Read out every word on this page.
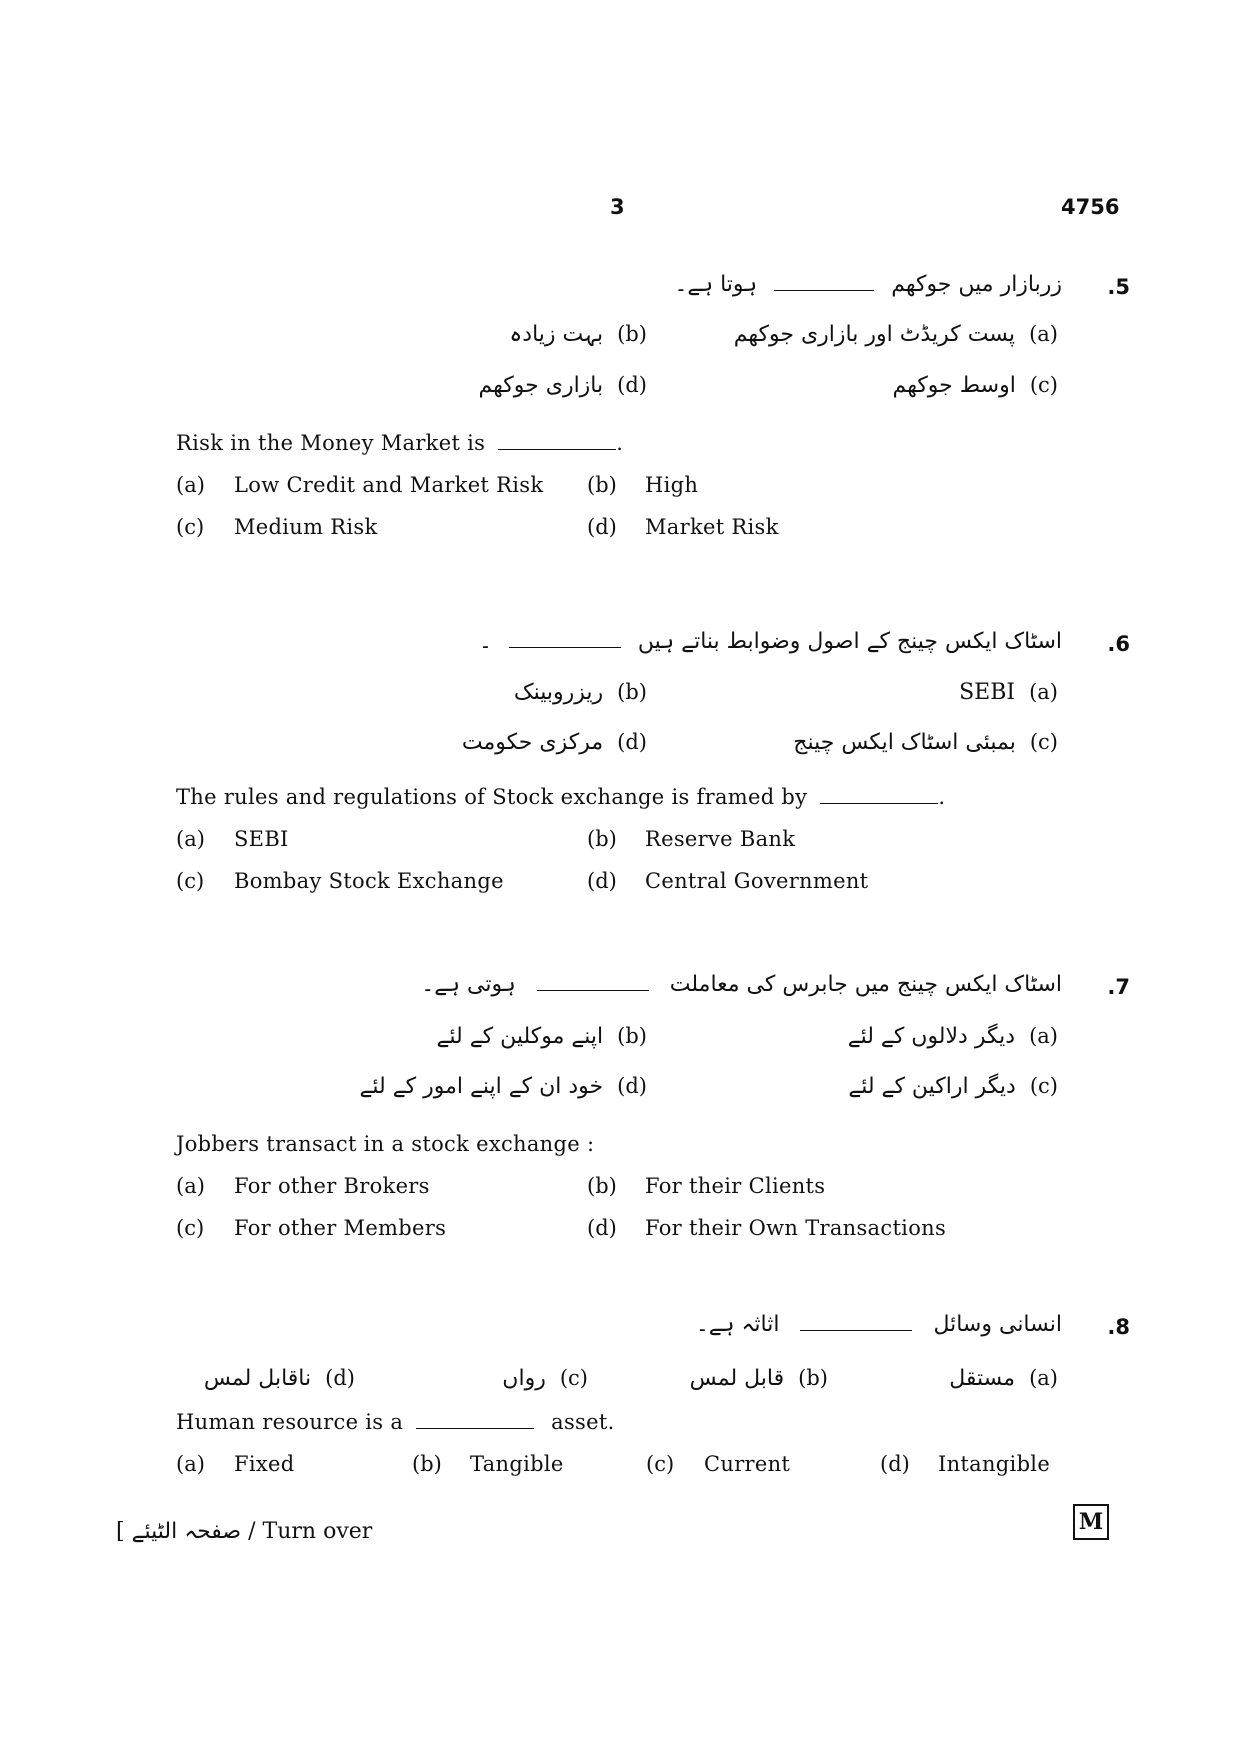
3	4756
.5
زربازار میں جوکھم  ہوتا ہے۔
(a)پست کریڈٹ اور بازاری جوکھم
(b)بہت زیادہ
(c)اوسط جوکھم
(d)بازاری جوکھم
Risk in the Money Market is	.
(a) Low Credit and Market Risk (b) High
(c) Medium Risk	(d) Market Risk
.6
اسٹاک ایکس چینج کے اصول وضوابط بناتے ہیں  ۔
(a)SEBI
(b)ریزروبینک
(c)بمبئی اسٹاک ایکس چینج
(d)مرکزی حکومت
The rules and regulations of Stock exchange is framed by	.
(a) SEBI	(b) Reserve Bank
(c) Bombay Stock Exchange	(d) Central Government
.7
اسٹاک ایکس چینج میں جابرس کی معاملت  ہوتی ہے۔
(a)دیگر دلالوں کے لئے
(b)اپنے موکلین کے لئے
(c)دیگر اراکین کے لئے
(d)خود ان کے اپنے امور کے لئے
Jobbers transact in a stock exchange :
(a) For other Brokers	(b) For their Clients
(c) For other Members	(d) For their Own Transactions
.8
انسانی وسائل  اثاثہ ہے۔
(a)مستقل
(b)قابل لمس
(c)رواں
(d)ناقابل لمس
Human resource is a	asset.
(a) Fixed	(b) Tangible	(c) Current	(d) Intangible
[ صفحہ الٹیئے / Turn over	M
